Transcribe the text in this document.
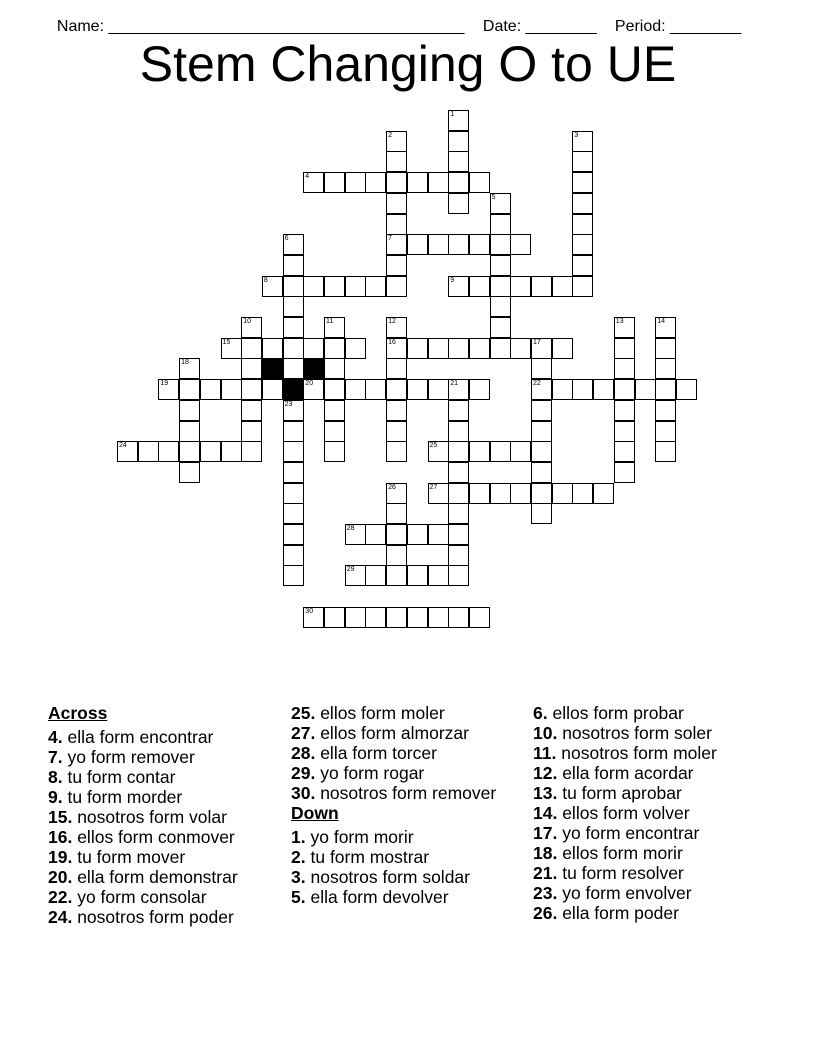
Name: ________________________________________	Date: ________	Period: ________

Stem Changing O to UE
1
2
7
3
4
5
6
8	9
10	11	12
16
13	14
15	17
22
18
19	20	21
23
24	25
26	27
28
29
30
Across
4. ella form encontrar
7. yo form remover
8. tu form contar
9. tu form morder
15. nosotros form volar
16. ellos form conmover
19. tu form mover
20. ella form demonstrar
22. yo form consolar
24. nosotros form poder
25. ellos form moler
27. ellos form almorzar
28. ella form torcer
29. yo form rogar
30. nosotros form remover
Down
1. yo form morir
2. tu form mostrar
3. nosotros form soldar
5. ella form devolver
6. ellos form probar
10. nosotros form soler
11. nosotros form moler
12. ella form acordar
13. tu form aprobar
14. ellos form volver
17. yo form encontrar
18. ellos form morir
21. tu form resolver
23. yo form envolver
26. ella form poder
